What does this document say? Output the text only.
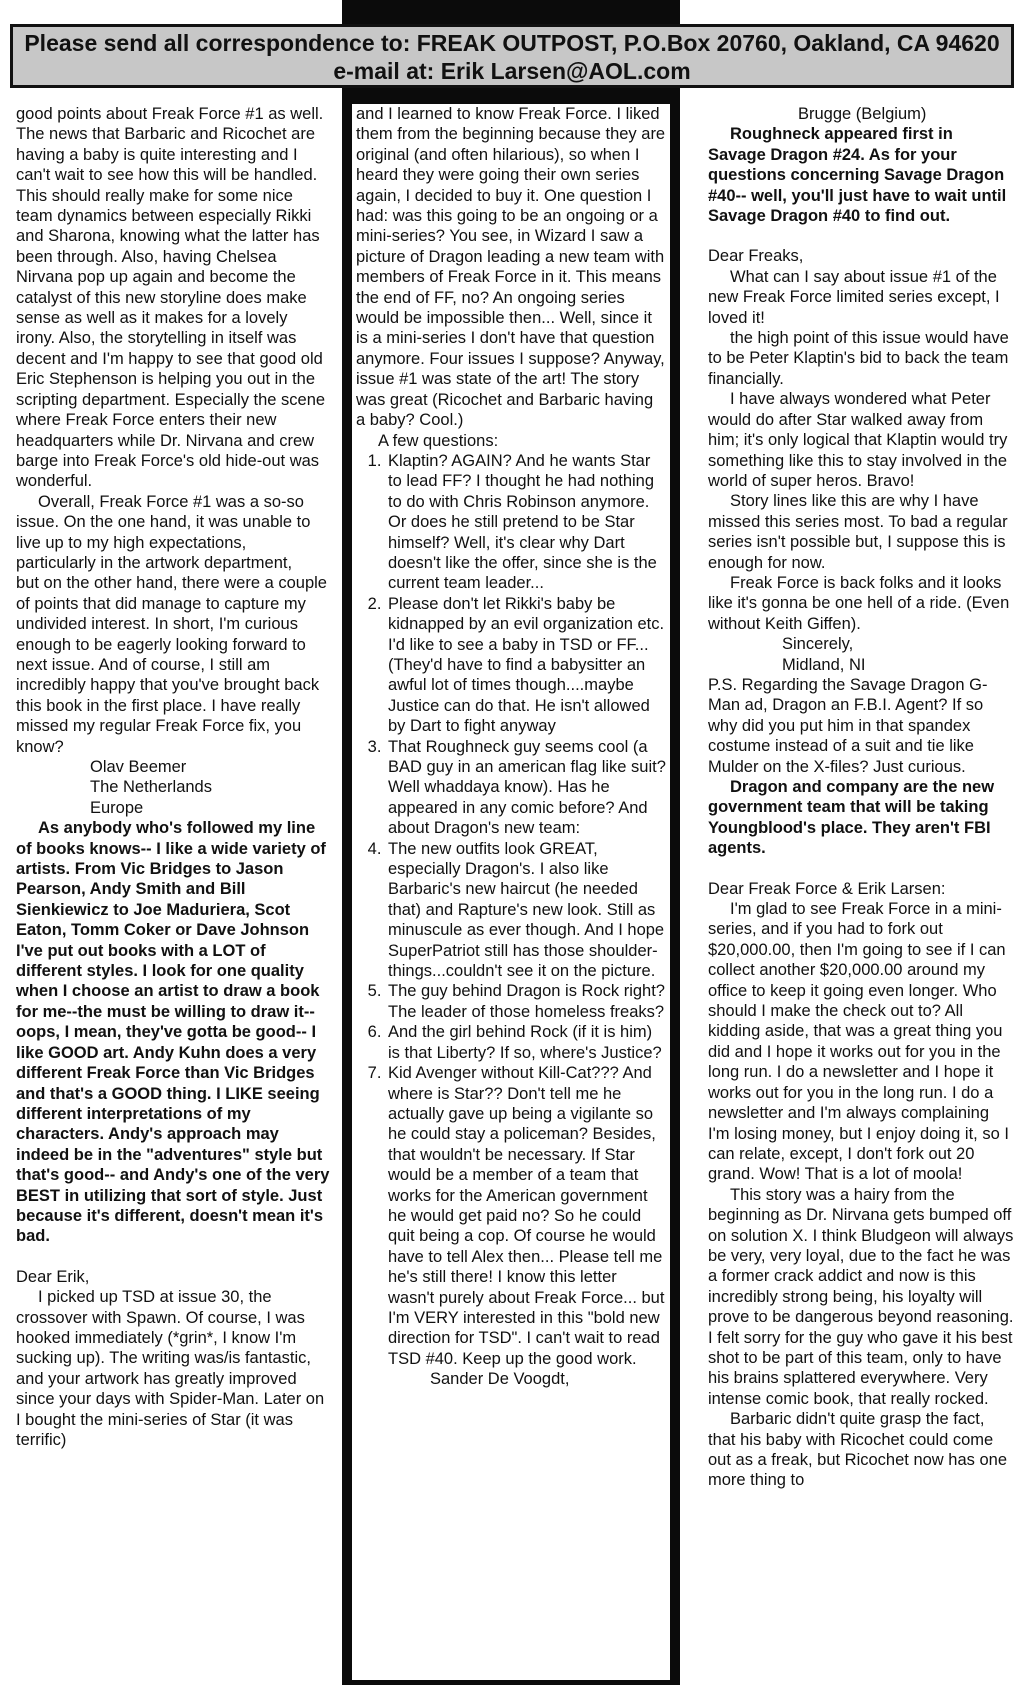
Please send all correspondence to: FREAK OUTPOST, P.O.Box 20760, Oakland, CA 94620
e-mail at: Erik Larsen@AOL.com

good points about Freak Force #1 as well. The news that Barbaric and Ricochet are having a baby is quite interesting and I can't wait to see how this will be handled. This should really make for some nice team dynamics between especially Rikki and Sharona, knowing what the latter has been through. Also, having Chelsea Nirvana pop up again and become the catalyst of this new storyline does make sense as well as it makes for a lovely irony. Also, the storytelling in itself was decent and I'm happy to see that good old Eric Stephenson is helping you out in the scripting department. Especially the scene where Freak Force enters their new headquarters while Dr. Nirvana and crew barge into Freak Force's old hide-out was wonderful.

Overall, Freak Force #1 was a so-so issue. On the one hand, it was unable to live up to my high expectations, particularly in the artwork department,

but on the other hand, there were a couple of points that did manage to capture my undivided interest. In short, I'm curious enough to be eagerly looking forward to next issue. And of course, I still am incredibly happy that you've brought back this book in the first place. I have really missed my regular Freak Force fix, you know?

Olav Beemer

The Netherlands

Europe

As anybody who's followed my line of books knows-- I like a wide variety of artists. From Vic Bridges to Jason Pearson, Andy Smith and Bill Sienkiewicz to Joe Maduriera, Scot Eaton, Tomm Coker or Dave Johnson I've put out books with a LOT of different styles. I look for one quality when I choose an artist to draw a book for me--the must be willing to draw it--oops, I mean, they've gotta be good-- I like GOOD art. Andy Kuhn does a very different Freak Force than Vic Bridges and that's a GOOD thing. I LIKE seeing different interpretations of my characters. Andy's approach may indeed be in the "adventures" style but that's good-- and Andy's one of the very BEST in utilizing that sort of style. Just because it's different, doesn't mean it's bad.

Dear Erik,

I picked up TSD at issue 30, the crossover with Spawn. Of course, I was hooked immediately (*grin*, I know I'm sucking up). The writing was/is fantastic, and your artwork has greatly improved since your days with Spider-Man. Later on I bought the mini-series of Star (it was terrific)

and I learned to know Freak Force. I liked them from the beginning because they are original (and often hilarious), so when I heard they were going their own series again, I decided to buy it. One question I had: was this going to be an ongoing or a mini-series? You see, in Wizard I saw a picture of Dragon leading a new team with members of Freak Force in it. This means the end of FF, no? An ongoing series would be impossible then... Well, since it is a mini-series I don't have that question anymore. Four issues I suppose? Anyway, issue #1 was state of the art! The story was great (Ricochet and Barbaric having a baby? Cool.)

A few questions:

1. Klaptin? AGAIN? And he wants Star to lead FF? I thought he had nothing to do with Chris Robinson anymore. Or does he still pretend to be Star himself? Well, it's clear why Dart doesn't like the offer, since she is the current team leader...
2. Please don't let Rikki's baby be kidnapped by an evil organization etc. I'd like to see a baby in TSD or FF... (They'd have to find a babysitter an awful lot of times though....maybe Justice can do that. He isn't allowed by Dart to fight anyway
3. That Roughneck guy seems cool (a BAD guy in an american flag like suit? Well whaddaya know). Has he appeared in any comic before? And about Dragon's new team:
4. The new outfits look GREAT, especially Dragon's. I also like Barbaric's new haircut (he needed that) and Rapture's new look. Still as minuscule as ever though. And I hope SuperPatriot still has those shoulder-things...couldn't see it on the picture.
5. The guy behind Dragon is Rock right? The leader of those homeless freaks?
6. And the girl behind Rock (if it is him) is that Liberty? If so, where's Justice?
7. Kid Avenger without Kill-Cat??? And where is Star?? Don't tell me he actually gave up being a vigilante so he could stay a policeman? Besides, that wouldn't be necessary. If Star would be a member of a team that works for the American government he would get paid no? So he could quit being a cop. Of course he would have to tell Alex then... Please tell me he's still there! I know this letter wasn't purely about Freak Force... but I'm VERY interested in this "bold new direction for TSD". I can't wait to read TSD #40. Keep up the good work.

Sander De Voogdt,

Brugge (Belgium)

Roughneck appeared first in Savage Dragon #24. As for your questions concerning Savage Dragon #40-- well, you'll just have to wait until Savage Dragon #40 to find out.

Dear Freaks,

What can I say about issue #1 of the new Freak Force limited series except, I loved it!

the high point of this issue would have to be Peter Klaptin's bid to back the team financially.

I have always wondered what Peter would do after Star walked away from him; it's only logical that Klaptin would try something like this to stay involved in the world of super heros. Bravo!

Story lines like this are why I have missed this series most. To bad a regular series isn't possible but, I suppose this is enough for now.

Freak Force is back folks and it looks like it's gonna be one hell of a ride. (Even without Keith Giffen).

Sincerely,

Midland, NI

P.S. Regarding the Savage Dragon G-Man ad, Dragon an F.B.I. Agent? If so why did you put him in that spandex costume instead of a suit and tie like Mulder on the X-files? Just curious.

Dragon and company are the new government team that will be taking Youngblood's place. They aren't FBI agents.

Dear Freak Force & Erik Larsen:

I'm glad to see Freak Force in a mini-series, and if you had to fork out $20,000.00, then I'm going to see if I can collect another $20,000.00 around my office to keep it going even longer. Who should I make the check out to? All kidding aside, that was a great thing you did and I hope it works out for you in the long run. I do a newsletter and I hope it works out for you in the long run. I do a newsletter and I'm always complaining I'm losing money, but I enjoy doing it, so I can relate, except, I don't fork out 20 grand. Wow! That is a lot of moola!

This story was a hairy from the beginning as Dr. Nirvana gets bumped off on solution X. I think Bludgeon will always be very, very loyal, due to the fact he was a former crack addict and now is this incredibly strong being, his loyalty will prove to be dangerous beyond reasoning. I felt sorry for the guy who gave it his best shot to be part of this team, only to have his brains splattered everywhere. Very intense comic book, that really rocked.

Barbaric didn't quite grasp the fact, that his baby with Ricochet could come out as a freak, but Ricochet now has one more thing to
